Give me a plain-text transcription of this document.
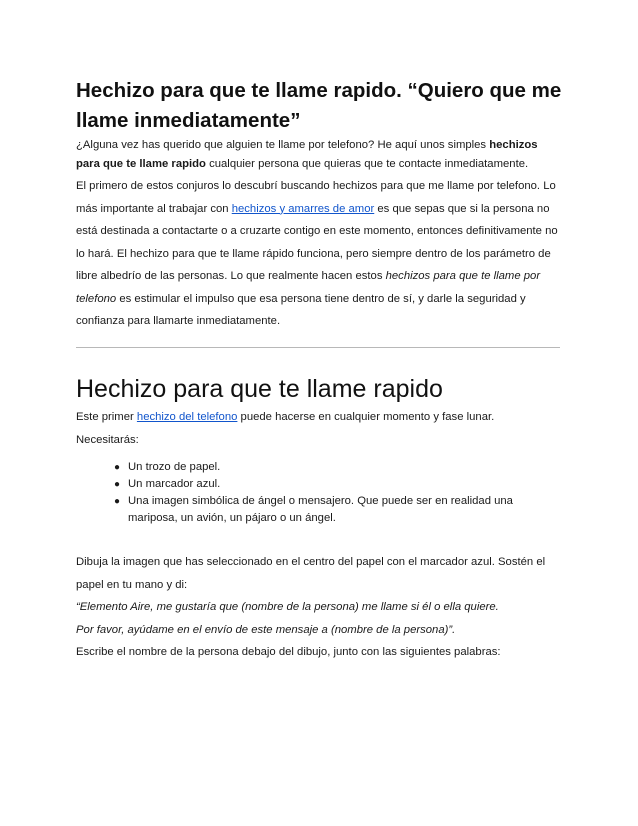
Hechizo para que te llame rapido. “Quiero que me llame inmediatamente”

¿Alguna vez has querido que alguien te llame por telefono? He aquí unos simples hechizos para que te llame rapido cualquier persona que quieras que te contacte inmediatamente.

El primero de estos conjuros lo descubrí buscando hechizos para que me llame por telefono. Lo más importante al trabajar con hechizos y amarres de amor es que sepas que si la persona no está destinada a contactarte o a cruzarte contigo en este momento, entonces definitivamente no lo hará. El hechizo para que te llame rápido funciona, pero siempre dentro de los parámetro de libre albedrío de las personas. Lo que realmente hacen estos hechizos para que te llame por telefono es estimular el impulso que esa persona tiene dentro de sí, y darle la seguridad y confianza para llamarte inmediatamente.

Hechizo para que te llame rapido

Este primer hechizo del telefono puede hacerse en cualquier momento y fase lunar.

Necesitarás:

● Un trozo de papel.
● Un marcador azul.
● Una imagen simbólica de ángel o mensajero. Que puede ser en realidad una mariposa, un avión, un pájaro o un ángel.

Dibuja la imagen que has seleccionado en el centro del papel con el marcador azul. Sostén el papel en tu mano y di:

“Elemento Aire, me gustaría que (nombre de la persona) me llame si él o ella quiere.

Por favor, ayúdame en el envío de este mensaje a (nombre de la persona)”.

Escribe el nombre de la persona debajo del dibujo, junto con las siguientes palabras:
